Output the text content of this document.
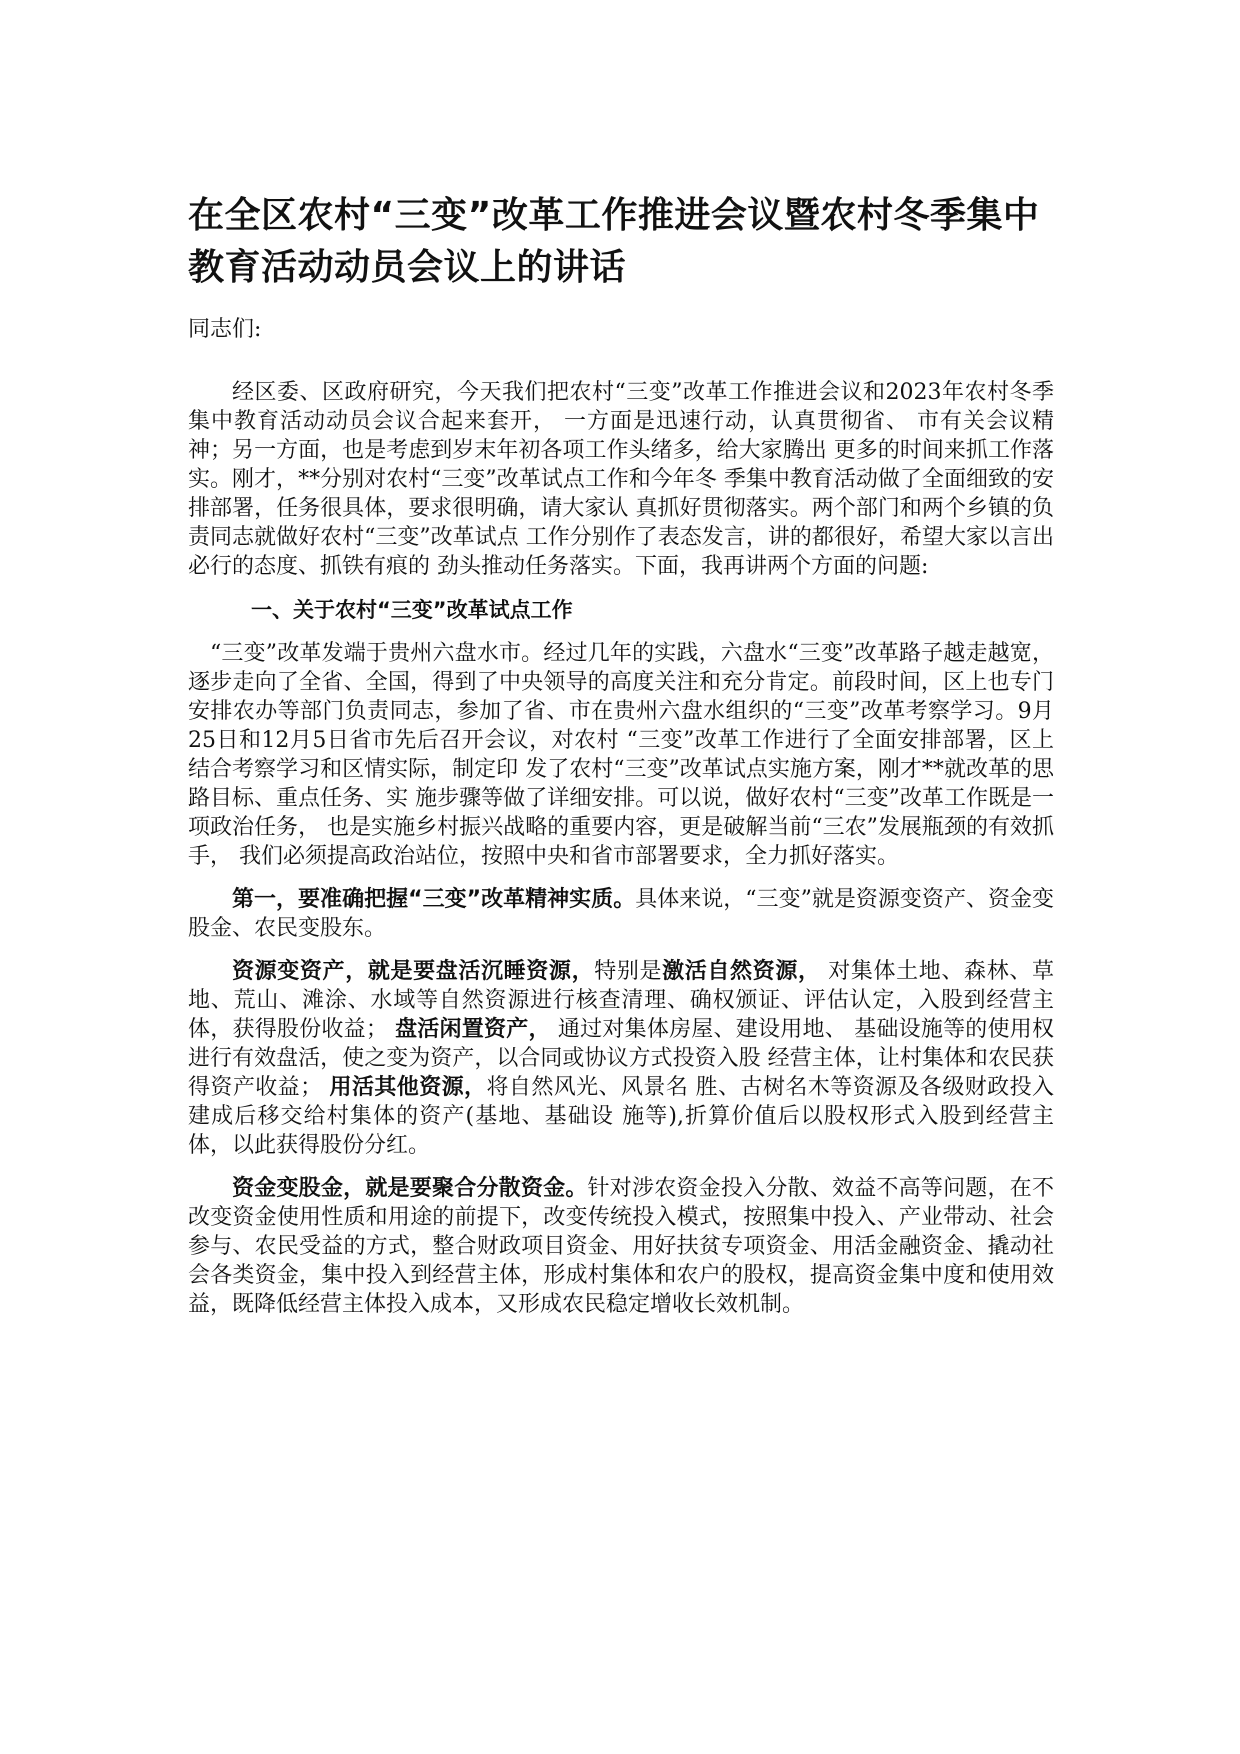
在全区农村“三变”改革工作推进会议暨农村冬季集中教育活动动员会议上的讲话

同志们:

经区委、区政府研究，今天我们把农村“三变”改革工作推进会议和2023年农村冬季集中教育活动动员会议合起来套开， 一方面是迅速行动，认真贯彻省、 市有关会议精神；另一方面，也是考虑到岁末年初各项工作头绪多，给大家腾出 更多的时间来抓工作落实。刚才，**分别对农村“三变”改革试点工作和今年冬 季集中教育活动做了全面细致的安排部署，任务很具体，要求很明确，请大家认 真抓好贯彻落实。两个部门和两个乡镇的负责同志就做好农村“三变”改革试点 工作分别作了表态发言，讲的都很好，希望大家以言出必行的态度、抓铁有痕的 劲头推动任务落实。下面，我再讲两个方面的问题:

一、关于农村“三变”改革试点工作

“三变”改革发端于贵州六盘水市。经过几年的实践，六盘水“三变”改革路子越走越宽，逐步走向了全省、全国，得到了中央领导的高度关注和充分肯定。前段时间，区上也专门安排农办等部门负责同志，参加了省、市在贵州六盘水组织的“三变”改革考察学习。9月25日和12月5日省市先后召开会议，对农村 “三变”改革工作进行了全面安排部署，区上结合考察学习和区情实际，制定印 发了农村“三变”改革试点实施方案，刚才**就改革的思路目标、重点任务、实 施步骤等做了详细安排。可以说，做好农村“三变”改革工作既是一项政治任务， 也是实施乡村振兴战略的重要内容，更是破解当前“三农”发展瓶颈的有效抓手， 我们必须提高政治站位，按照中央和省市部署要求，全力抓好落实。

第一，要准确把握“三变”改革精神实质。具体来说，“三变”就是资源变资产、资金变股金、农民变股东。

资源变资产，就是要盘活沉睡资源，特别是激活自然资源， 对集体土地、森林、草地、荒山、滩涂、水域等自然资源进行核查清理、确权颁证、评估认定，入股到经营主体，获得股份收益； 盘活闲置资产， 通过对集体房屋、建设用地、 基础设施等的使用权进行有效盘活，使之变为资产，以合同或协议方式投资入股 经营主体，让村集体和农民获得资产收益； 用活其他资源，将自然风光、风景名 胜、古树名木等资源及各级财政投入建成后移交给村集体的资产(基地、基础设 施等),折算价值后以股权形式入股到经营主体，以此获得股份分红。

资金变股金，就是要聚合分散资金。针对涉农资金投入分散、效益不高等问题，在不改变资金使用性质和用途的前提下，改变传统投入模式，按照集中投入、产业带动、社会参与、农民受益的方式，整合财政项目资金、用好扶贫专项资金、用活金融资金、撬动社会各类资金，集中投入到经营主体，形成村集体和农户的股权，提高资金集中度和使用效益，既降低经营主体投入成本，又形成农民稳定增收长效机制。
